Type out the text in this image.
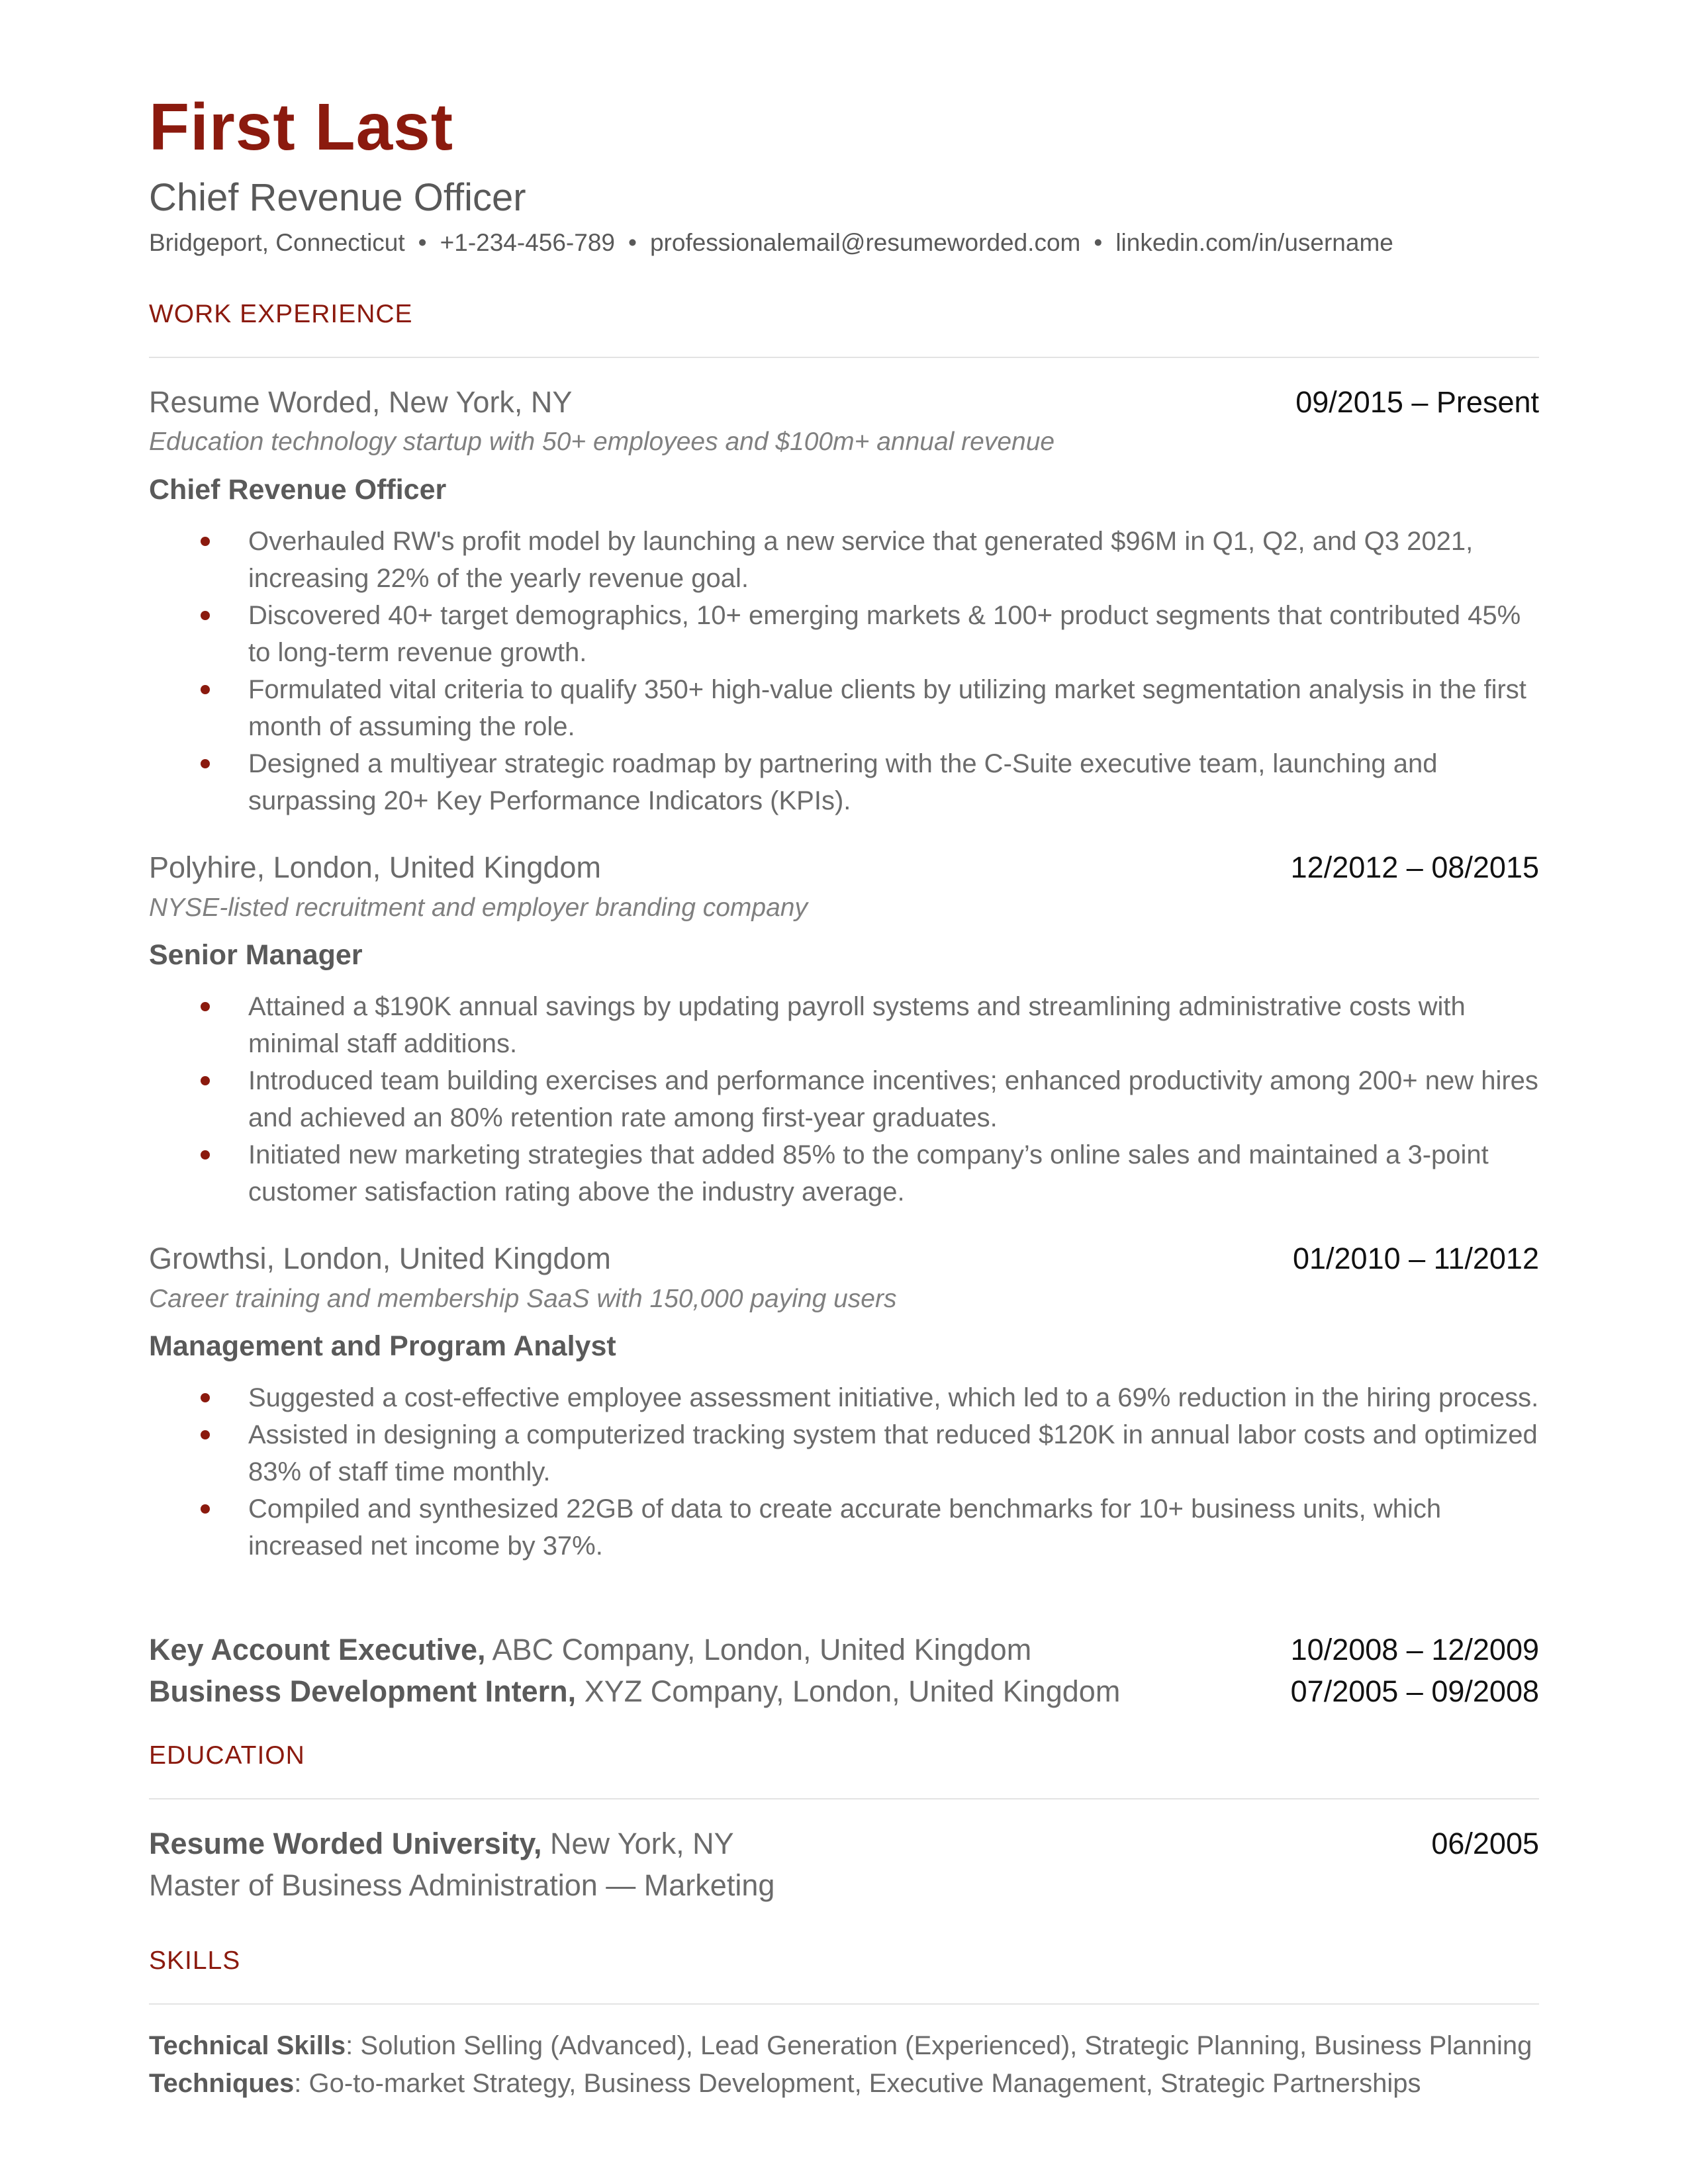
First Last
Chief Revenue Officer
Bridgeport, Connecticut • +1-234-456-789 • professionalemail@resumeworded.com • linkedin.com/in/username
WORK EXPERIENCE
Resume Worded, New York, NY	09/2015 – Present
Education technology startup with 50+ employees and $100m+ annual revenue
Chief Revenue Officer
Overhauled RW's profit model by launching a new service that generated $96M in Q1, Q2, and Q3 2021, increasing 22% of the yearly revenue goal.
Discovered 40+ target demographics, 10+ emerging markets & 100+ product segments that contributed 45% to long-term revenue growth.
Formulated vital criteria to qualify 350+ high-value clients by utilizing market segmentation analysis in the first month of assuming the role.
Designed a multiyear strategic roadmap by partnering with the C-Suite executive team, launching and surpassing 20+ Key Performance Indicators (KPIs).
Polyhire, London, United Kingdom	12/2012 – 08/2015
NYSE-listed recruitment and employer branding company
Senior Manager
Attained a $190K annual savings by updating payroll systems and streamlining administrative costs with minimal staff additions.
Introduced team building exercises and performance incentives; enhanced productivity among 200+ new hires and achieved an 80% retention rate among first-year graduates.
Initiated new marketing strategies that added 85% to the company’s online sales and maintained a 3-point customer satisfaction rating above the industry average.
Growthsi, London, United Kingdom	01/2010 – 11/2012
Career training and membership SaaS with 150,000 paying users
Management and Program Analyst
Suggested a cost-effective employee assessment initiative, which led to a 69% reduction in the hiring process.
Assisted in designing a computerized tracking system that reduced $120K in annual labor costs and optimized 83% of staff time monthly.
Compiled and synthesized 22GB of data to create accurate benchmarks for 10+ business units, which increased net income by 37%.
Key Account Executive, ABC Company, London, United Kingdom	10/2008 – 12/2009
Business Development Intern, XYZ Company, London, United Kingdom	07/2005 – 09/2008
EDUCATION
Resume Worded University, New York, NY	06/2005
Master of Business Administration — Marketing
SKILLS
Technical Skills: Solution Selling (Advanced), Lead Generation (Experienced), Strategic Planning, Business Planning
Techniques: Go-to-market Strategy, Business Development, Executive Management, Strategic Partnerships
